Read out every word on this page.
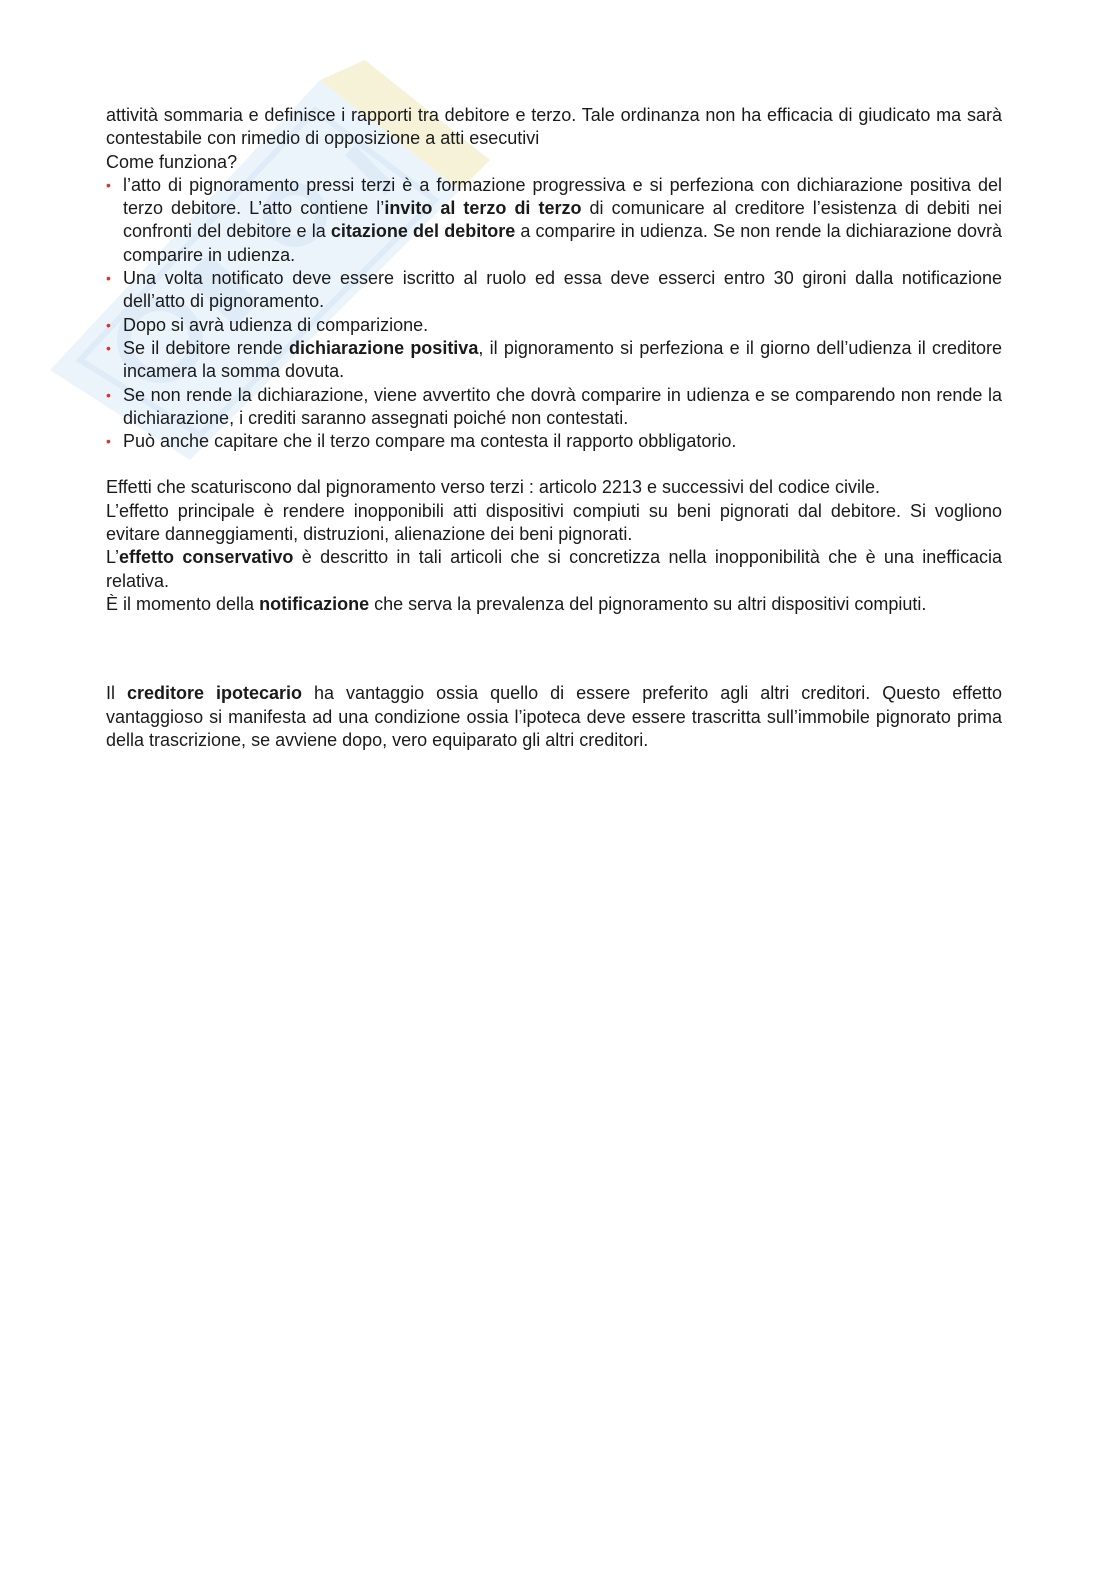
attività sommaria e definisce i rapporti tra debitore e terzo. Tale ordinanza non ha efficacia di giudicato ma sarà contestabile con rimedio di opposizione a atti esecutivi

Come funziona?

• l’atto di pignoramento pressi terzi è a formazione progressiva e si perfeziona con dichiarazione positiva del terzo debitore. L’atto contiene l’invito al terzo di terzo di comunicare al creditore l’esistenza di debiti nei confronti del debitore e la citazione del debitore a comparire in udienza. Se non rende la dichiarazione dovrà comparire in udienza.
• Una volta notificato deve essere iscritto al ruolo ed essa deve esserci entro 30 gironi dalla notificazione dell’atto di pignoramento.
• Dopo si avrà udienza di comparizione.
• Se il debitore rende dichiarazione positiva, il pignoramento si perfeziona e il giorno dell’udienza il creditore incamera la somma dovuta.
• Se non rende la dichiarazione, viene avvertito che dovrà comparire in udienza e se comparendo non rende la dichiarazione, i crediti saranno assegnati poiché non contestati.
• Può anche capitare che il terzo compare ma contesta il rapporto obbligatorio.

Effetti che scaturiscono dal pignoramento verso terzi : articolo 2213 e successivi del codice civile.

L’effetto principale è rendere inopponibili atti dispositivi compiuti su beni pignorati dal debitore. Si vogliono evitare danneggiamenti, distruzioni, alienazione dei beni pignorati.

L’effetto conservativo è descritto in tali articoli che si concretizza nella inopponibilità che è una inefficacia relativa.

È il momento della notificazione che serva la prevalenza del pignoramento su altri dispositivi compiuti.

Il creditore ipotecario ha vantaggio ossia quello di essere preferito agli altri creditori. Questo effetto vantaggioso si manifesta ad una condizione ossia l’ipoteca deve essere trascritta sull’immobile pignorato prima della trascrizione, se avviene dopo, vero equiparato gli altri creditori.
